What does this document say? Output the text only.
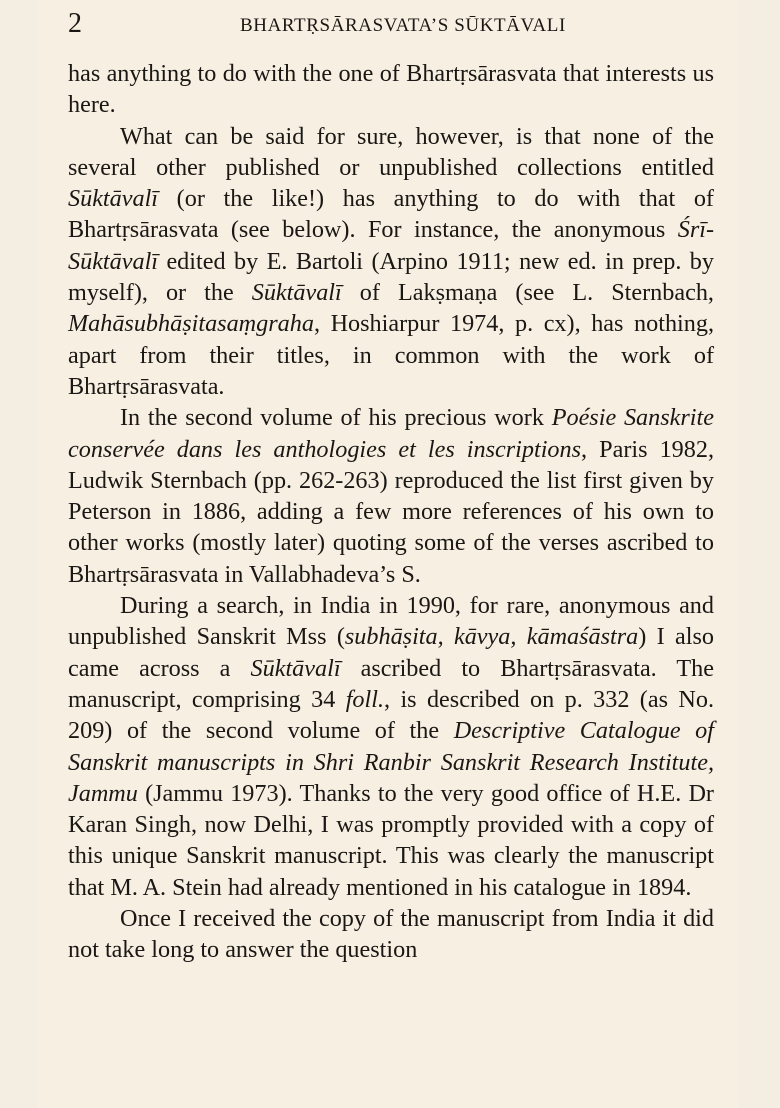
2	BHARTṚSĀRASVATA’S SŪKTĀVALI

has anything to do with the one of Bhartṛsārasvata that interests us here.

What can be said for sure, however, is that none of the several other published or unpublished collections entitled Sūktāvalī (or the like!) has anything to do with that of Bhartṛsārasvata (see below). For instance, the anonymous Śrī-Sūktāvalī edited by E. Bartoli (Arpino 1911; new ed. in prep. by myself), or the Sūktāvalī of Lakṣmaṇa (see L. Sternbach, Mahāsubhāṣitasaṃgraha, Hoshiarpur 1974, p. cx), has nothing, apart from their titles, in common with the work of Bhartṛsārasvata.

In the second volume of his precious work Poésie Sanskrite conservée dans les anthologies et les inscriptions, Paris 1982, Ludwik Sternbach (pp. 262-263) reproduced the list first given by Peterson in 1886, adding a few more references of his own to other works (mostly later) quoting some of the verses ascribed to Bhartṛsārasvata in Vallabhadeva’s S.

During a search, in India in 1990, for rare, anonymous and unpublished Sanskrit Mss (subhāṣita, kāvya, kāmaśāstra) I also came across a Sūktāvalī ascribed to Bhartṛsārasvata. The manuscript, comprising 34 foll., is described on p. 332 (as No. 209) of the second volume of the Descriptive Catalogue of Sanskrit manuscripts in Shri Ranbir Sanskrit Research Institute, Jammu (Jammu 1973). Thanks to the very good office of H.E. Dr Karan Singh, now Delhi, I was promptly provided with a copy of this unique Sanskrit manuscript. This was clearly the manuscript that M. A. Stein had already mentioned in his catalogue in 1894.

Once I received the copy of the manuscript from India it did not take long to answer the question
